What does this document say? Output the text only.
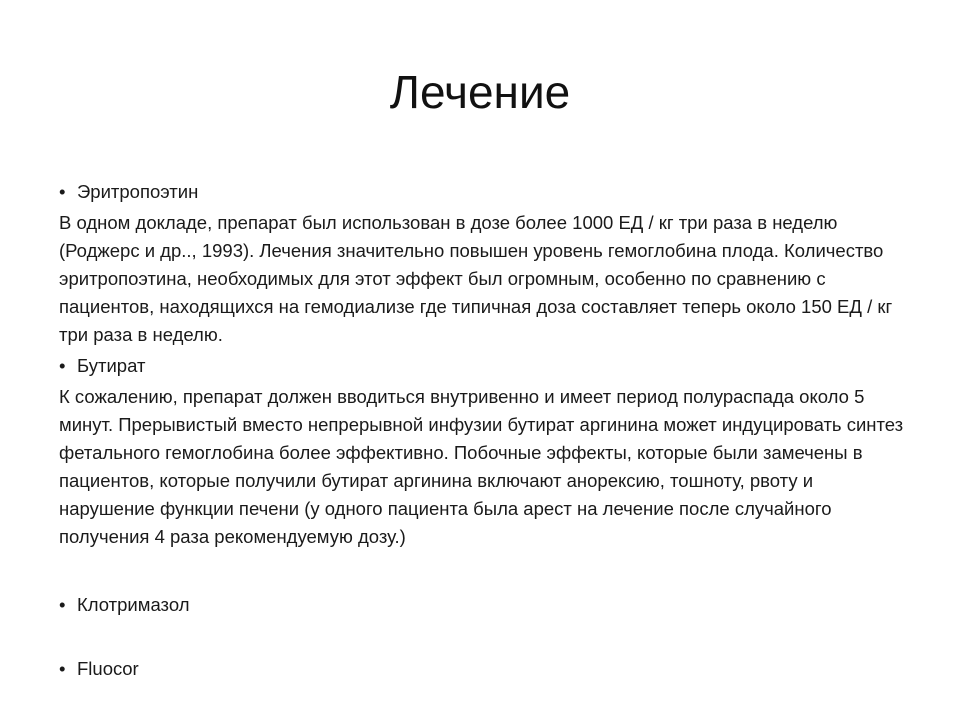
Лечение
• Эритропоэтин

В одном докладе, препарат был использован в дозе более 1000 ЕД / кг три раза в неделю (Роджерс и др.., 1993). Лечения значительно повышен уровень гемоглобина плода. Количество эритропоэтина, необходимых для этот эффект был огромным, особенно по сравнению с пациентов, находящихся на гемодиализе где типичная доза составляет теперь около 150 ЕД / кг три раза в неделю.

• Бутират

К сожалению, препарат должен вводиться внутривенно и имеет период полураспада около 5 минут. Прерывистый вместо непрерывной инфузии бутират аргинина может индуцировать синтез фетального гемоглобина более эффективно. Побочные эффекты, которые были замечены в пациентов, которые получили бутират аргинина включают анорексию, тошноту, рвоту и нарушение функции печени (у одного пациента была арест на лечение после случайного получения 4 раза рекомендуемую дозу.)

• Клотримазол
• Fluocor
